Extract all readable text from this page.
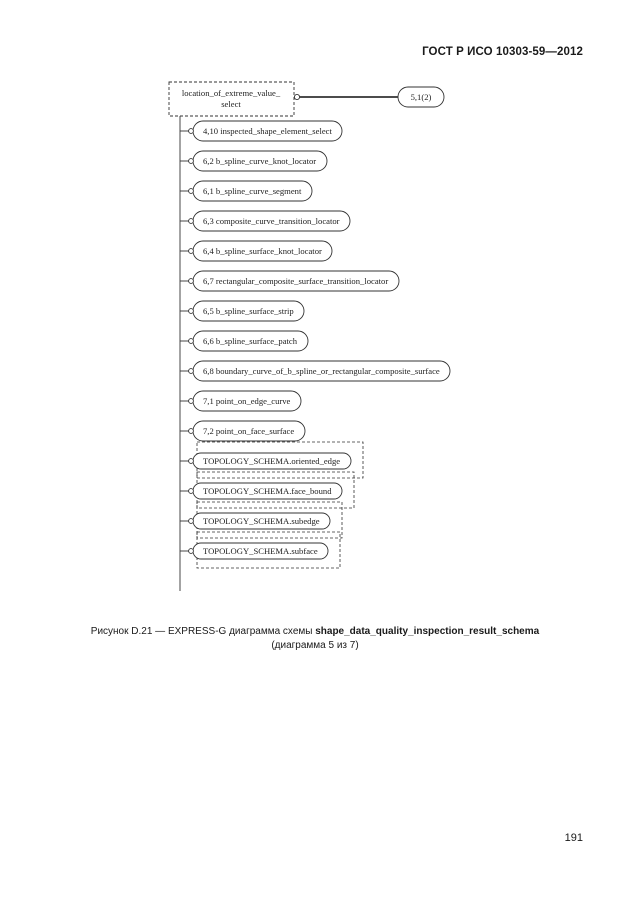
ГОСТ Р ИСО 10303-59—2012
location_of_extreme_value_
select
5,1(2)
4,10 inspected_shape_element_select
6,2 b_spline_curve_knot_locator
6,1 b_spline_curve_segment
6,3 composite_curve_transition_locator
6,4 b_spline_surface_knot_locator
6,7 rectangular_composite_surface_transition_locator
6,5 b_spline_surface_strip
6,6 b_spline_surface_patch
6,8 boundary_curve_of_b_spline_or_rectangular_composite_surface
7,1 point_on_edge_curve
7,2 point_on_face_surface
TOPOLOGY_SCHEMA.oriented_edge
TOPOLOGY_SCHEMA.face_bound
TOPOLOGY_SCHEMA.subedge
TOPOLOGY_SCHEMA.subface
Рисунок D.21 — EXPRESS-G диаграмма схемы shape_data_quality_inspection_result_schema
(диаграмма 5 из 7)
191
